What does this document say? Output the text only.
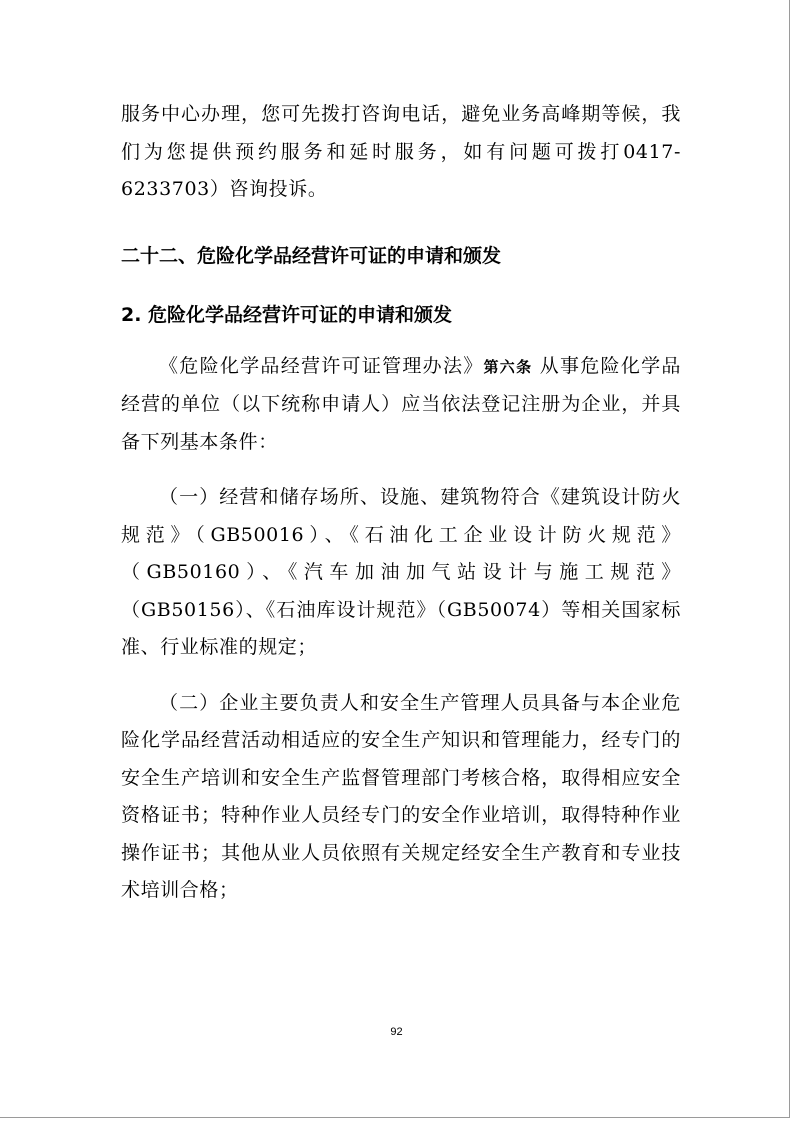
服务中心办理，您可先拨打咨询电话，避免业务高峰期等候，我们为您提供预约服务和延时服务，如有问题可拨打0417-6233703）咨询投诉。

二十二、危险化学品经营许可证的申请和颁发
2. 危险化学品经营许可证的申请和颁发

《危险化学品经营许可证管理办法》第六条 从事危险化学品经营的单位（以下统称申请人）应当依法登记注册为企业，并具备下列基本条件：

（一）经营和储存场所、设施、建筑物符合《建筑设计防火规范》（GB50016）、《石油化工企业设计防火规范》（GB50160）、《汽车加油加气站设计与施工规范》（GB50156）、《石油库设计规范》（GB50074）等相关国家标准、行业标准的规定；

（二）企业主要负责人和安全生产管理人员具备与本企业危险化学品经营活动相适应的安全生产知识和管理能力，经专门的安全生产培训和安全生产监督管理部门考核合格，取得相应安全资格证书；特种作业人员经专门的安全作业培训，取得特种作业操作证书；其他从业人员依照有关规定经安全生产教育和专业技术培训合格；

92
